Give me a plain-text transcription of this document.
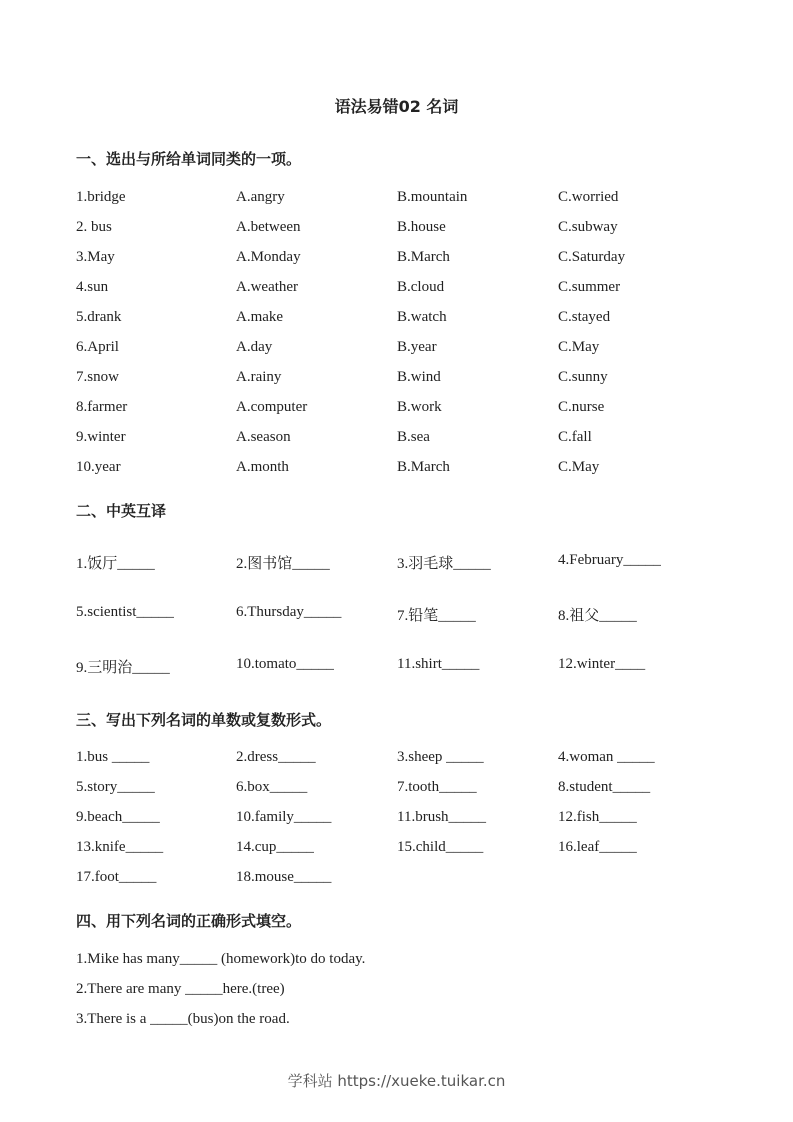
语法易错02 名词
一、选出与所给单词同类的一项。
1.bridge	A.angry	B.mountain	C.worried
2. bus	A.between	B.house	C.subway
3.May	A.Monday	B.March	C.Saturday
4.sun	A.weather	B.cloud	C.summer
5.drank	A.make	B.watch	C.stayed
6.April	A.day	B.year	C.May
7.snow	A.rainy	B.wind	C.sunny
8.farmer	A.computer	B.work	C.nurse
9.winter	A.season	B.sea	C.fall
10.year	A.month	B.March	C.May
二、中英互译
1.饭厅_____	2.图书馆_____	3.羽毛球_____	4.February_____
5.scientist_____	6.Thursday_____	7.铅笔_____	8.祖父_____
9.三明治_____	10.tomato_____	11.shirt_____	12.winter____
三、写出下列名词的单数或复数形式。
1.bus _____	2.dress_____	3.sheep _____	4.woman _____
5.story_____	6.box_____	7.tooth_____	8.student_____
9.beach_____	10.family_____	11.brush_____	12.fish_____
13.knife_____	14.cup_____	15.child_____	16.leaf_____
17.foot_____	18.mouse_____
四、用下列名词的正确形式填空。
1.Mike has many_____ (homework)to do today.
2.There are many _____here.(tree)
3.There is a _____(bus)on the road.
学科站 https://xueke.tuikar.cn
